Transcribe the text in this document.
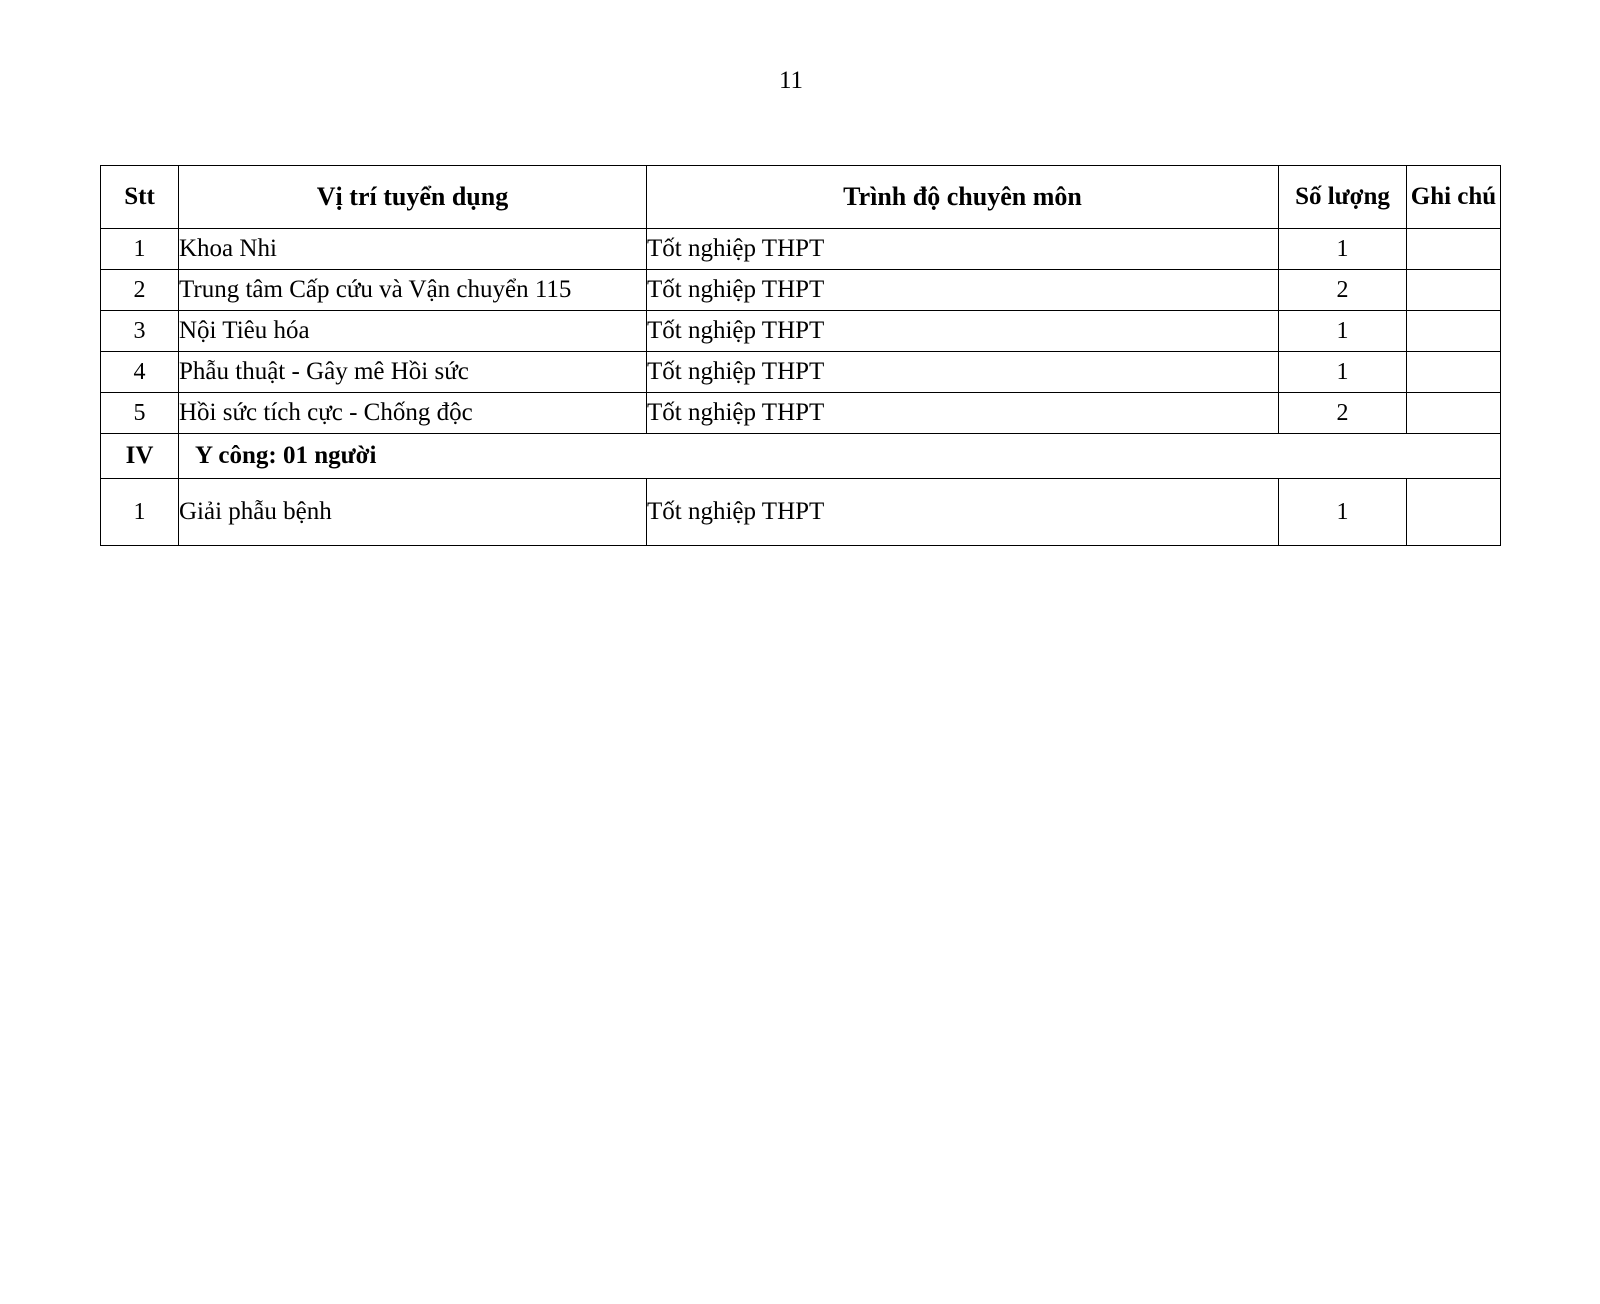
11
Stt	Vị trí tuyển dụng	Trình độ chuyên môn	Số lượng	Ghi chú
1	Khoa Nhi	Tốt nghiệp THPT	1	
2	Trung tâm Cấp cứu và Vận chuyển 115	Tốt nghiệp THPT	2	
3	Nội Tiêu hóa	Tốt nghiệp THPT	1	
4	Phẫu thuật - Gây mê Hồi sức	Tốt nghiệp THPT	1	
5	Hồi sức tích cực - Chống độc	Tốt nghiệp THPT	2	
IV	Y công: 01 người			
1	Giải phẫu bệnh	Tốt nghiệp THPT	1	
